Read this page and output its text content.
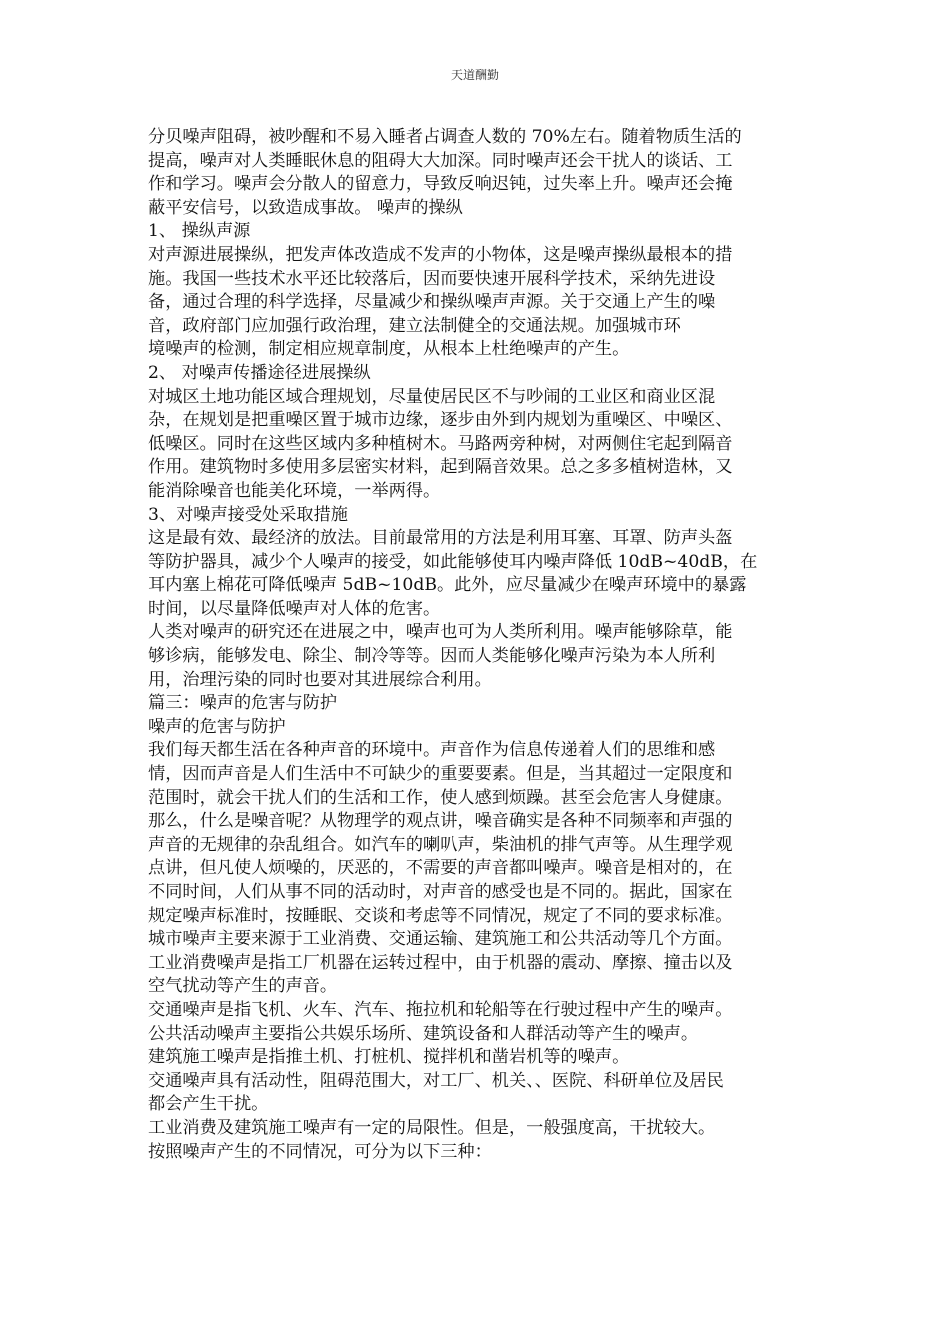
天道酬勤

分贝噪声阻碍，被吵醒和不易入睡者占调查人数的 70%左右。随着物质生活的

提高，噪声对人类睡眠休息的阻碍大大加深。同时噪声还会干扰人的谈话、工

作和学习。噪声会分散人的留意力，导致反响迟钝，过失率上升。噪声还会掩

蔽平安信号，以致造成事故。 噪声的操纵

1、 操纵声源

对声源进展操纵，把发声体改造成不发声的小物体，这是噪声操纵最根本的措

施。我国一些技术水平还比较落后，因而要快速开展科学技术，采纳先进设

备，通过合理的科学选择，尽量减少和操纵噪声声源。关于交通上产生的噪

音，政府部门应加强行政治理，建立法制健全的交通法规。加强城市环

境噪声的检测，制定相应规章制度，从根本上杜绝噪声的产生。

2、 对噪声传播途径进展操纵

对城区土地功能区域合理规划，尽量使居民区不与吵闹的工业区和商业区混

杂，在规划是把重噪区置于城市边缘，逐步由外到内规划为重噪区、中噪区、

低噪区。同时在这些区域内多种植树木。马路两旁种树，对两侧住宅起到隔音

作用。建筑物时多使用多层密实材料，起到隔音效果。总之多多植树造林，又

能消除噪音也能美化环境，一举两得。

3、对噪声接受处采取措施

这是最有效、最经济的放法。目前最常用的方法是利用耳塞、耳罩、防声头盔

等防护器具，减少个人噪声的接受，如此能够使耳内噪声降低 10dB~40dB，在

耳内塞上棉花可降低噪声 5dB~10dB。此外，应尽量减少在噪声环境中的暴露

时间，以尽量降低噪声对人体的危害。

人类对噪声的研究还在进展之中，噪声也可为人类所利用。噪声能够除草，能

够诊病，能够发电、除尘、制冷等等。因而人类能够化噪声污染为本人所利

用，治理污染的同时也要对其进展综合利用。

篇三：噪声的危害与防护

噪声的危害与防护

我们每天都生活在各种声音的环境中。声音作为信息传递着人们的思维和感

情，因而声音是人们生活中不可缺少的重要要素。但是，当其超过一定限度和

范围时，就会干扰人们的生活和工作，使人感到烦躁。甚至会危害人身健康。

那么，什么是噪音呢？从物理学的观点讲，噪音确实是各种不同频率和声强的

声音的无规律的杂乱组合。如汽车的喇叭声，柴油机的排气声等。从生理学观

点讲，但凡使人烦噪的，厌恶的，不需要的声音都叫噪声。噪音是相对的，在

不同时间，人们从事不同的活动时，对声音的感受也是不同的。据此，国家在

规定噪声标准时，按睡眠、交谈和考虑等不同情况，规定了不同的要求标准。

城市噪声主要来源于工业消费、交通运输、建筑施工和公共活动等几个方面。

工业消费噪声是指工厂机器在运转过程中，由于机器的震动、摩擦、撞击以及

空气扰动等产生的声音。

交通噪声是指飞机、火车、汽车、拖拉机和轮船等在行驶过程中产生的噪声。

公共活动噪声主要指公共娱乐场所、建筑设备和人群活动等产生的噪声。

建筑施工噪声是指推土机、打桩机、搅拌机和凿岩机等的噪声。

交通噪声具有活动性，阻碍范围大，对工厂、机关、、医院、科研单位及居民

都会产生干扰。

工业消费及建筑施工噪声有一定的局限性。但是，一般强度高，干扰较大。

按照噪声产生的不同情况，可分为以下三种：
